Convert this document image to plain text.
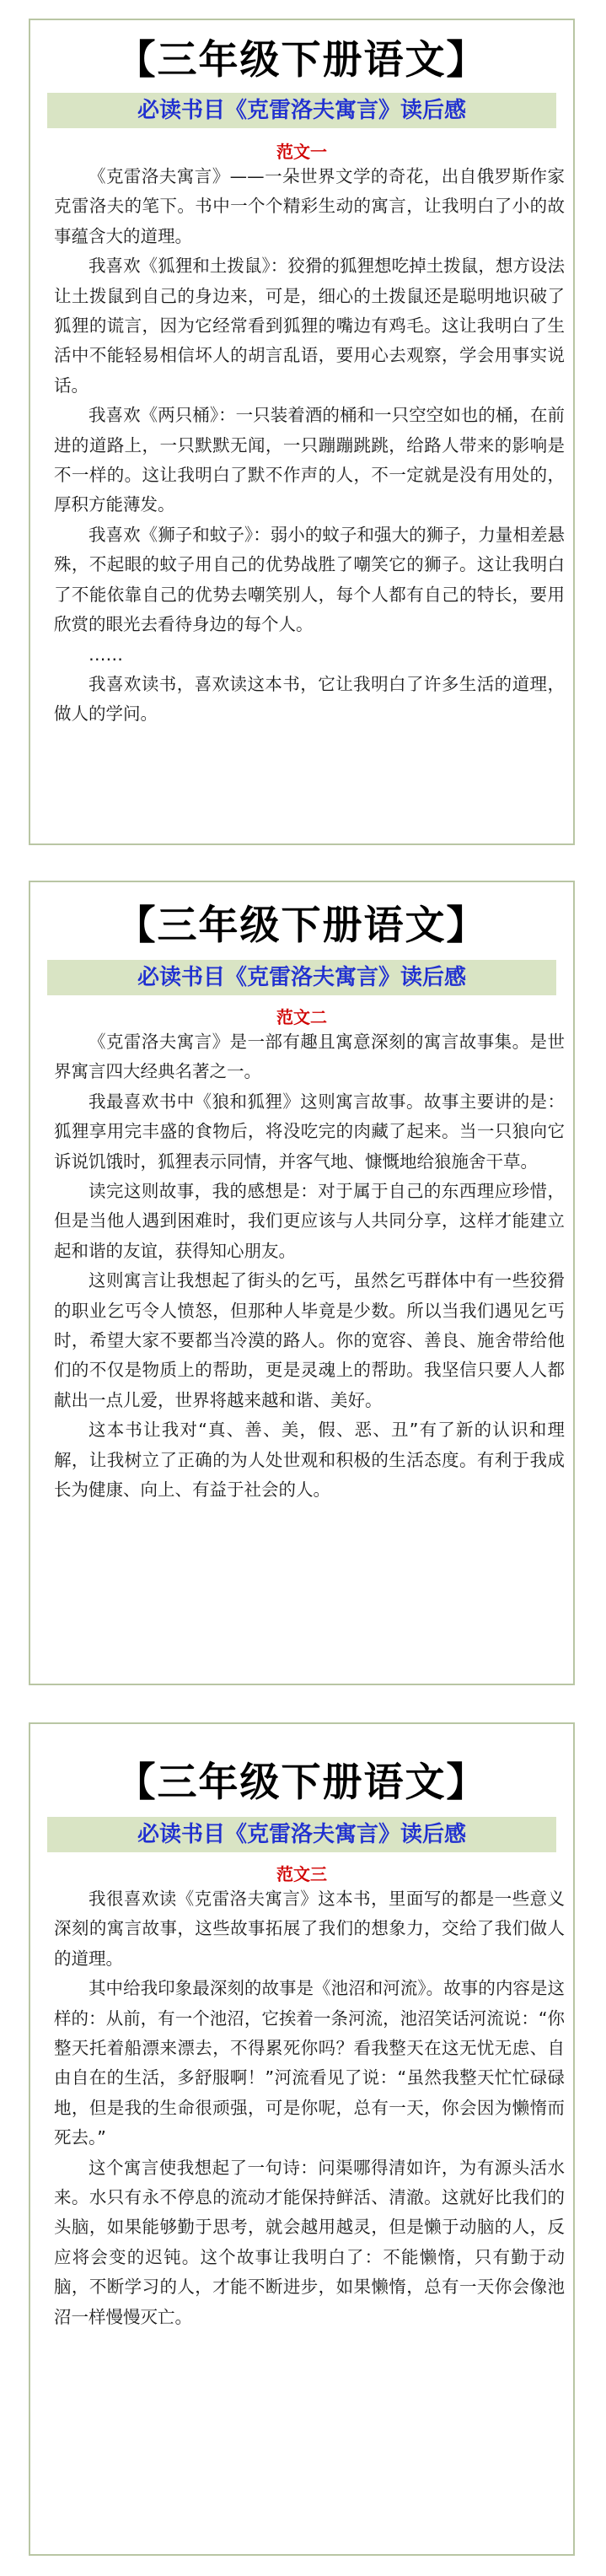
【三年级下册语文】
必读书目《克雷洛夫寓言》读后感
范文一

《克雷洛夫寓言》——一朵世界文学的奇花，出自俄罗斯作家克雷洛夫的笔下。书中一个个精彩生动的寓言，让我明白了小的故事蕴含大的道理。

我喜欢《狐狸和土拨鼠》：狡猾的狐狸想吃掉土拨鼠，想方设法让土拨鼠到自己的身边来，可是，细心的土拨鼠还是聪明地识破了狐狸的谎言，因为它经常看到狐狸的嘴边有鸡毛。这让我明白了生活中不能轻易相信坏人的胡言乱语，要用心去观察，学会用事实说话。

我喜欢《两只桶》：一只装着酒的桶和一只空空如也的桶，在前进的道路上，一只默默无闻，一只蹦蹦跳跳，给路人带来的影响是不一样的。这让我明白了默不作声的人，不一定就是没有用处的，厚积方能薄发。

我喜欢《狮子和蚊子》：弱小的蚊子和强大的狮子，力量相差悬殊，不起眼的蚊子用自己的优势战胜了嘲笑它的狮子。这让我明白了不能依靠自己的优势去嘲笑别人，每个人都有自己的特长，要用欣赏的眼光去看待身边的每个人。

……

我喜欢读书，喜欢读这本书，它让我明白了许多生活的道理，做人的学问。

【三年级下册语文】
必读书目《克雷洛夫寓言》读后感
范文二

《克雷洛夫寓言》是一部有趣且寓意深刻的寓言故事集。是世界寓言四大经典名著之一。

我最喜欢书中《狼和狐狸》这则寓言故事。故事主要讲的是：狐狸享用完丰盛的食物后，将没吃完的肉藏了起来。当一只狼向它诉说饥饿时，狐狸表示同情，并客气地、慷慨地给狼施舍干草。

读完这则故事，我的感想是：对于属于自己的东西理应珍惜，但是当他人遇到困难时，我们更应该与人共同分享，这样才能建立起和谐的友谊，获得知心朋友。

这则寓言让我想起了街头的乞丐，虽然乞丐群体中有一些狡猾的职业乞丐令人愤怒，但那种人毕竟是少数。所以当我们遇见乞丐时，希望大家不要都当冷漠的路人。你的宽容、善良、施舍带给他们的不仅是物质上的帮助，更是灵魂上的帮助。我坚信只要人人都献出一点儿爱，世界将越来越和谐、美好。

这本书让我对“真、善、美，假、恶、丑”有了新的认识和理解，让我树立了正确的为人处世观和积极的生活态度。有利于我成长为健康、向上、有益于社会的人。

【三年级下册语文】
必读书目《克雷洛夫寓言》读后感
范文三

我很喜欢读《克雷洛夫寓言》这本书，里面写的都是一些意义深刻的寓言故事，这些故事拓展了我们的想象力，交给了我们做人的道理。

其中给我印象最深刻的故事是《池沼和河流》。故事的内容是这样的：从前，有一个池沼，它挨着一条河流，池沼笑话河流说：“你整天托着船漂来漂去，不得累死你吗？看我整天在这无忧无虑、自由自在的生活，多舒服啊！”河流看见了说：“虽然我整天忙忙碌碌地，但是我的生命很顽强，可是你呢，总有一天，你会因为懒惰而死去。”

这个寓言使我想起了一句诗：问渠哪得清如许，为有源头活水来。水只有永不停息的流动才能保持鲜活、清澈。这就好比我们的头脑，如果能够勤于思考，就会越用越灵，但是懒于动脑的人，反应将会变的迟钝。这个故事让我明白了：不能懒惰，只有勤于动脑，不断学习的人，才能不断进步，如果懒惰，总有一天你会像池沼一样慢慢灭亡。
